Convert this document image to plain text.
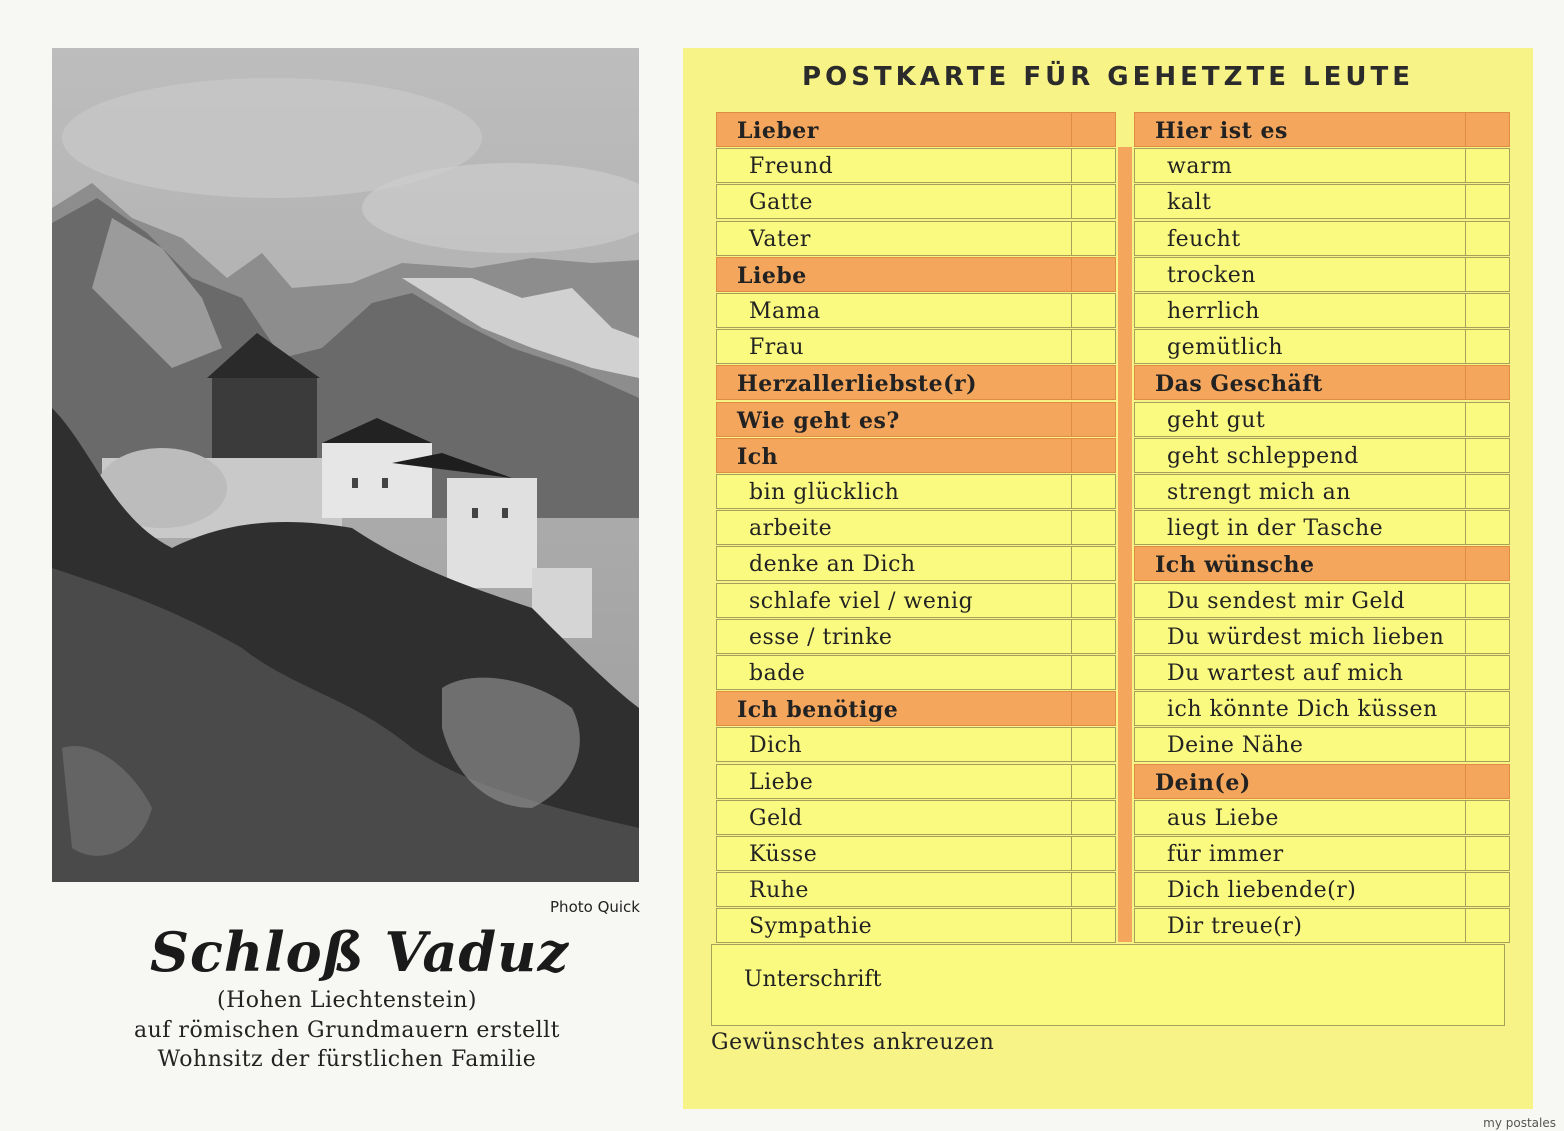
Photo Quick
Schloß Vaduz
(Hohen Liechtenstein)
auf römischen Grundmauern erstellt
Wohnsitz der fürstlichen Familie
POSTKARTE FÜR GEHETZTE LEUTE
Lieber
Freund
Gatte
Vater
Liebe
Mama
Frau
Herzallerliebste(r)
Wie geht es?
Ich
bin glücklich
arbeite
denke an Dich
schlafe viel / wenig
esse / trinke
bade
Ich benötige
Dich
Liebe
Geld
Küsse
Ruhe
Sympathie
Hier ist es
warm
kalt
feucht
trocken
herrlich
gemütlich
Das Geschäft
geht gut
geht schleppend
strengt mich an
liegt in der Tasche
Ich wünsche
Du sendest mir Geld
Du würdest mich lieben
Du wartest auf mich
ich könnte Dich küssen
Deine Nähe
Dein(e)
aus Liebe
für immer
Dich liebende(r)
Dir treue(r)
Unterschrift
Gewünschtes ankreuzen
my postales
